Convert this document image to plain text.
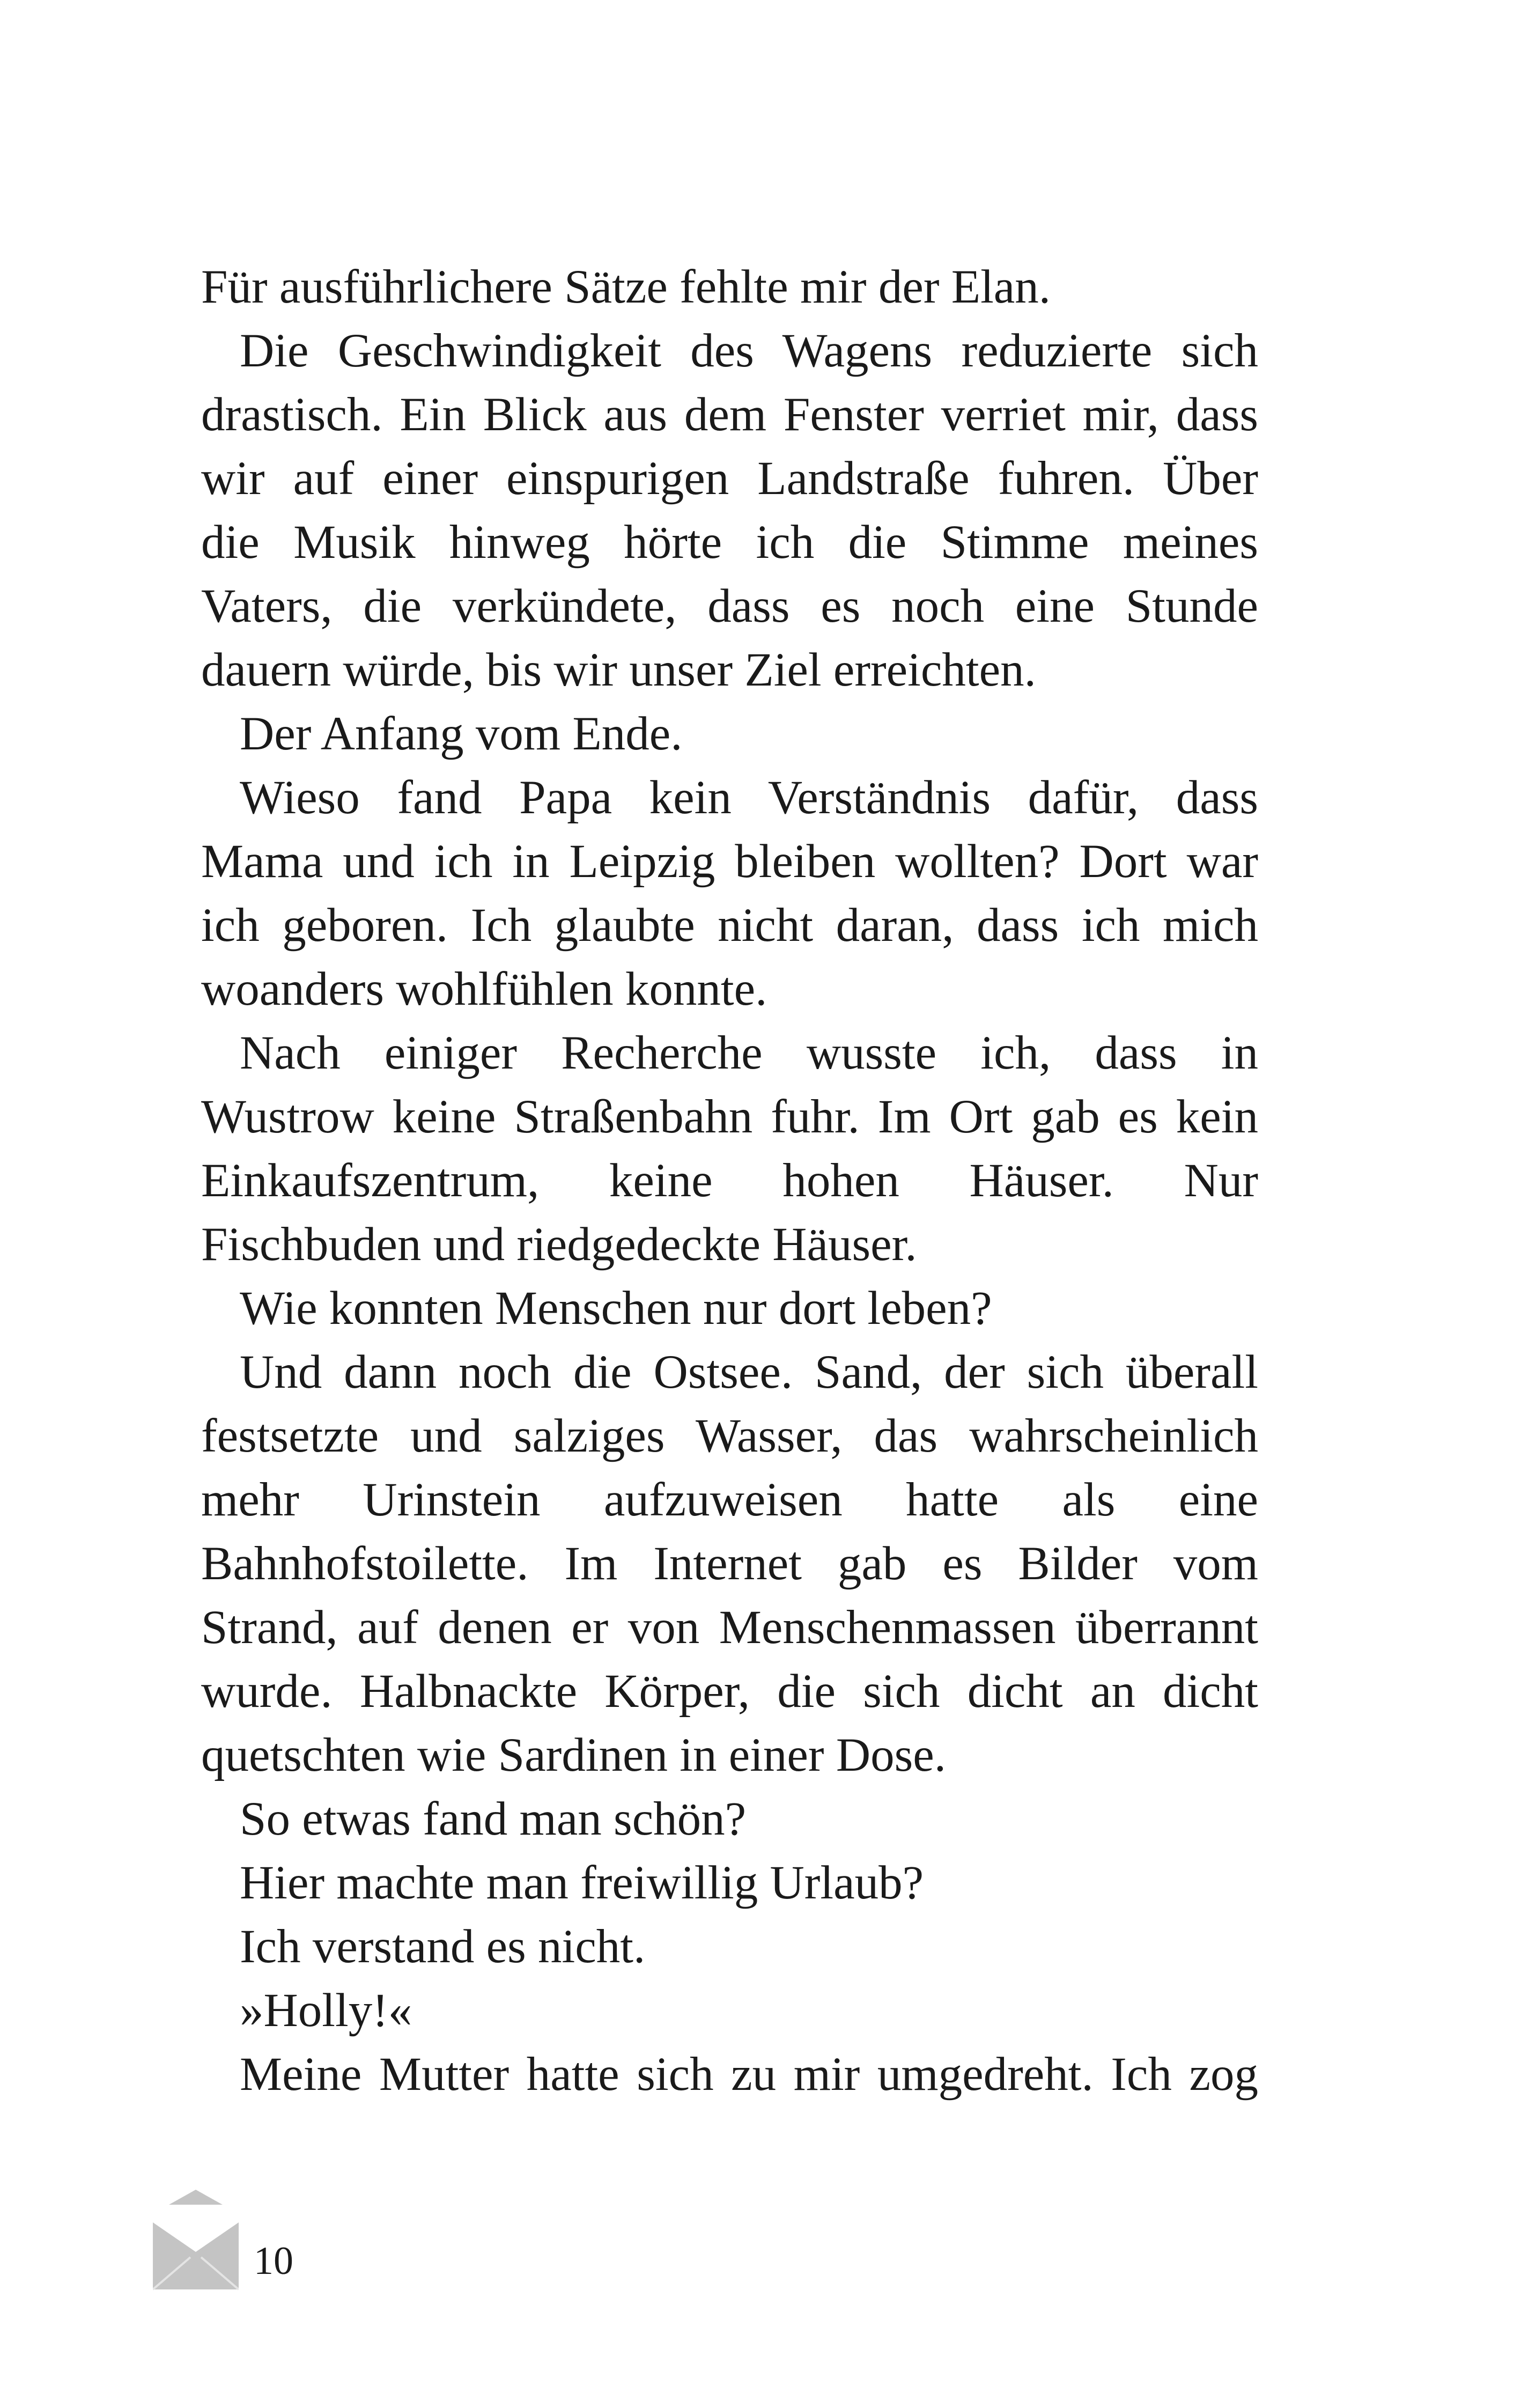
Für ausführlichere Sätze fehlte mir der Elan.
Die Geschwindigkeit des Wagens reduzierte sich
drastisch. Ein Blick aus dem Fenster verriet mir, dass
wir auf einer einspurigen Landstraße fuhren. Über
die Musik hinweg hörte ich die Stimme meines
Vaters, die verkündete, dass es noch eine Stunde
dauern würde, bis wir unser Ziel erreichten.
Der Anfang vom Ende.
Wieso fand Papa kein Verständnis dafür, dass
Mama und ich in Leipzig bleiben wollten? Dort war
ich geboren. Ich glaubte nicht daran, dass ich mich
woanders wohlfühlen konnte.
Nach einiger Recherche wusste ich, dass in
Wustrow keine Straßenbahn fuhr. Im Ort gab es kein
Einkaufszentrum, keine hohen Häuser. Nur
Fischbuden und riedgedeckte Häuser.
Wie konnten Menschen nur dort leben?
Und dann noch die Ostsee. Sand, der sich überall
festsetzte und salziges Wasser, das wahrscheinlich
mehr Urinstein aufzuweisen hatte als eine
Bahnhofstoilette. Im Internet gab es Bilder vom
Strand, auf denen er von Menschenmassen überrannt
wurde. Halbnackte Körper, die sich dicht an dicht
quetschten wie Sardinen in einer Dose.
So etwas fand man schön?
Hier machte man freiwillig Urlaub?
Ich verstand es nicht.
»Holly!«
Meine Mutter hatte sich zu mir umgedreht. Ich zog
10
